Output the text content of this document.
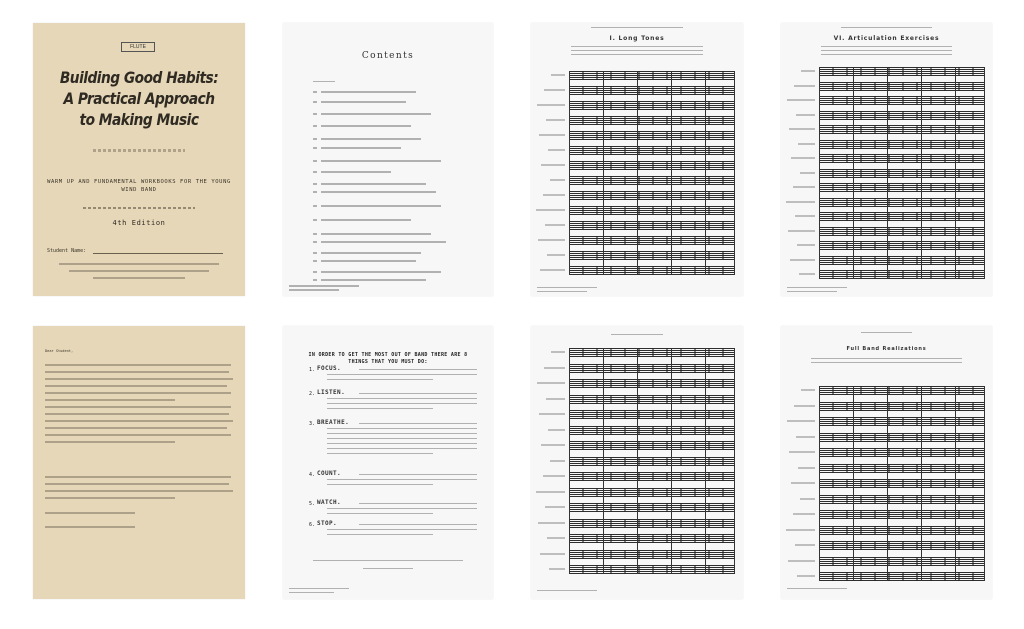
FLUTE
Building Good Habits: A Practical Approach to Making Music
WARM UP AND FUNDAMENTAL WORKBOOKS FOR THE YOUNG WIND BAND
4th Edition
Student Name:
Contents
I. Long Tones	VI. Articulation Exercises
Dear Student,
IN ORDER TO GET THE MOST OUT OF BAND THERE ARE 8 THINGS THAT YOU MUST DO:
1. FOCUS.
2. LISTEN.
3. BREATHE.
4. COUNT.
5. WATCH.
6. STOP.
Full Band Realizations
